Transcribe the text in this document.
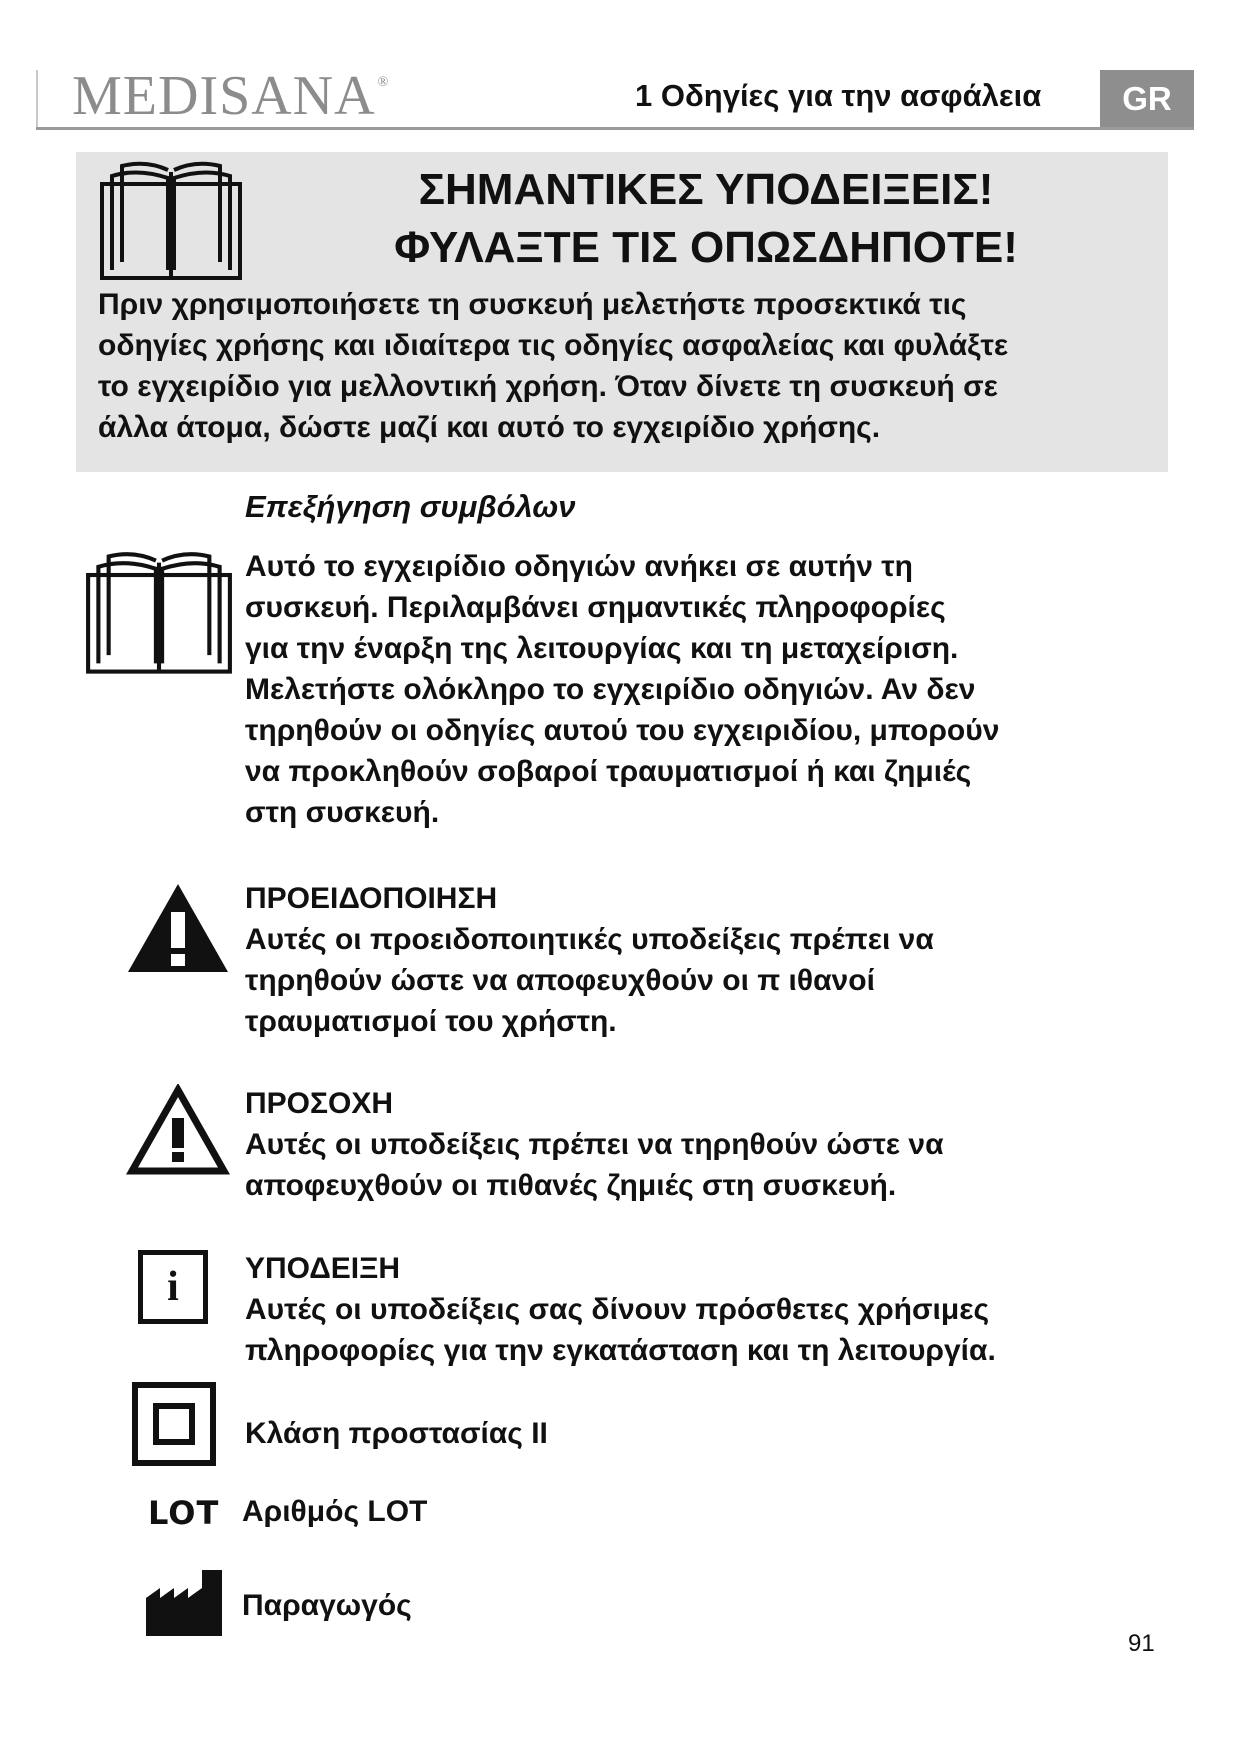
MEDISANA ®	1 Οδηγίες για την ασφάλεια	GR
ΣΗΜΑΝΤΙΚΕΣ ΥΠΟΔΕΙΞΕΙΣ!
ΦΥΛΑΞΤΕ ΤΙΣ ΟΠΩΣΔΗΠΟΤΕ!

Πριν χρησιμοποιήσετε τη συσκευή μελετήστε προσεκτικά τις
οδηγίες χρήσης και ιδιαίτερα τις οδηγίες ασφαλείας και φυλάξτε
το εγχειρίδιο για μελλοντική χρήση. Όταν δίνετε τη συσκευή σε
άλλα άτομα, δώστε μαζί και αυτό το εγχειρίδιο χρήσης.

Επεξήγηση συμβόλων

Αυτό το εγχειρίδιο οδηγιών ανήκει σε αυτήν τη
συσκευή. Περιλαμβάνει σημαντικές πληροφορίες
για την έναρξη της λειτουργίας και τη μεταχείριση.
Μελετήστε ολόκληρο το εγχειρίδιο οδηγιών. Αν δεν
τηρηθούν οι οδηγίες αυτού του εγχειριδίου, μπορούν
να προκληθούν σοβαροί τραυματισμοί ή και ζημιές
στη συσκευή.

ΠΡΟΕΙΔΟΠΟΙΗΣΗ
Αυτές οι προειδοποιητικές υποδείξεις πρέπει να
τηρηθούν ώστε να αποφευχθούν οι π ιθανοί
τραυματισμοί του χρήστη.

ΠΡΟΣΟΧΗ
Αυτές οι υποδείξεις πρέπει να τηρηθούν ώστε να
αποφευχθούν οι πιθανές ζημιές στη συσκευή.

i	ΥΠΟΔΕΙΞΗ
Αυτές οι υποδείξεις σας δίνουν πρόσθετες χρήσιμες
πληροφορίες για την εγκατάσταση και τη λειτουργία.

Κλάση προστασίας II
LOT Αριθμός LOT
Παραγωγός
91
